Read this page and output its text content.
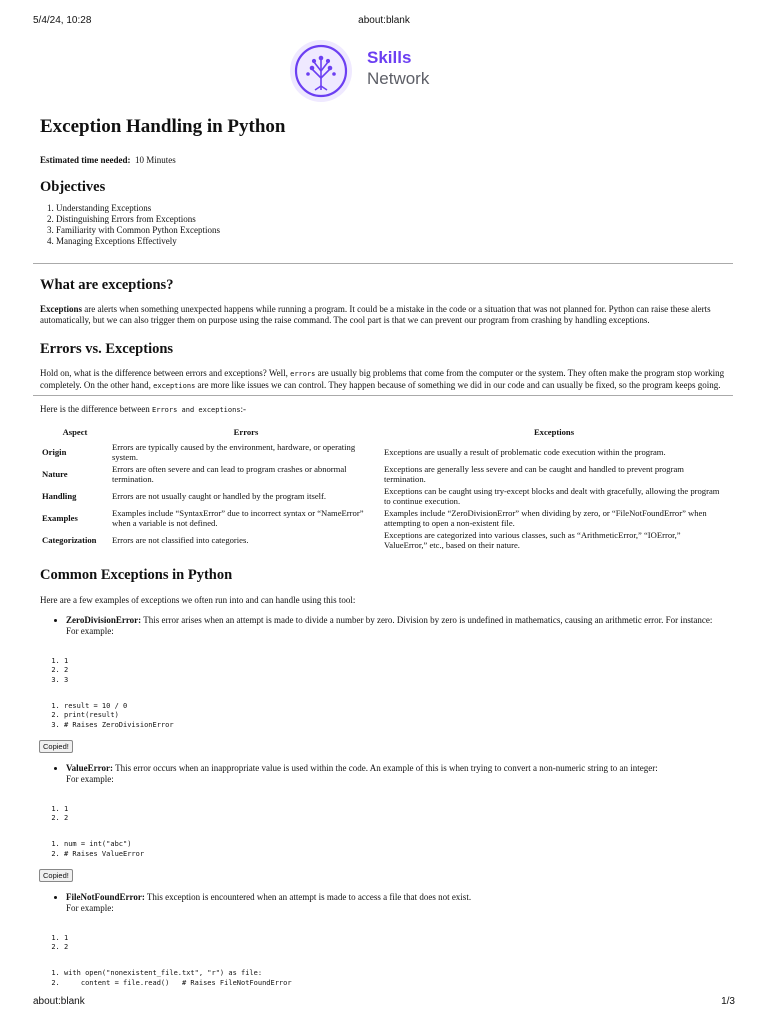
5/4/24, 10:28	about:blank
Skills
Network
Exception Handling in Python

Estimated time needed: 10 Minutes

Objectives
1. Understanding Exceptions
2. Distinguishing Errors from Exceptions
3. Familiarity with Common Python Exceptions
4. Managing Exceptions Effectively
What are exceptions?

Exceptions are alerts when something unexpected happens while running a program. It could be a mistake in the code or a situation that was not planned for. Python can raise these alerts automatically, but we can also trigger them on purpose using the raise command. The cool part is that we can prevent our program from crashing by handling exceptions.

Errors vs. Exceptions

Hold on, what is the difference between errors and exceptions? Well, errors are usually big problems that come from the computer or the system. They often make the program stop working completely. On the other hand, exceptions are more like issues we can control. They happen because of something we did in our code and can usually be fixed, so the program keeps going.

Here is the difference between Errors and exceptions:-

Aspect	Errors	Exceptions
Origin	Errors are typically caused by the environment, hardware, or operating system.	Exceptions are usually a result of problematic code execution within the program.
Nature	Errors are often severe and can lead to program crashes or abnormal termination.	Exceptions are generally less severe and can be caught and handled to prevent program termination.
Handling	Errors are not usually caught or handled by the program itself.	Exceptions can be caught using try-except blocks and dealt with gracefully, allowing the program to continue execution.
Examples	Examples include “SyntaxError” due to incorrect syntax or “NameError” when a variable is not defined.	Examples include “ZeroDivisionError” when dividing by zero, or “FileNotFoundError” when attempting to open a non-existent file.
Categorization	Errors are not classified into categories.	Exceptions are categorized into various classes, such as “ArithmeticError,” “IOError,” ValueError,” etc., based on their nature.
Common Exceptions in Python

Here are a few examples of exceptions we often run into and can handle using this tool:

• ZeroDivisionError: This error arises when an attempt is made to divide a number by zero. Division by zero is undefined in mathematics, causing an arithmetic error. For instance:
For example:

1. 1
2. 2
3. 3

1. result = 10 / 0
2. print(result)
3. # Raises ZeroDivisionError
Copied!
• ValueError: This error occurs when an inappropriate value is used within the code. An example of this is when trying to convert a non-numeric string to an integer:
For example:

1. 1
2. 2

1. num = int("abc")
2. # Raises ValueError
Copied!
• FileNotFoundError: This exception is encountered when an attempt is made to access a file that does not exist.
For example:

1. 1
2. 2

1. with open("nonexistent_file.txt", "r") as file:
2.     content = file.read()   # Raises FileNotFoundError
about:blank	1/3
